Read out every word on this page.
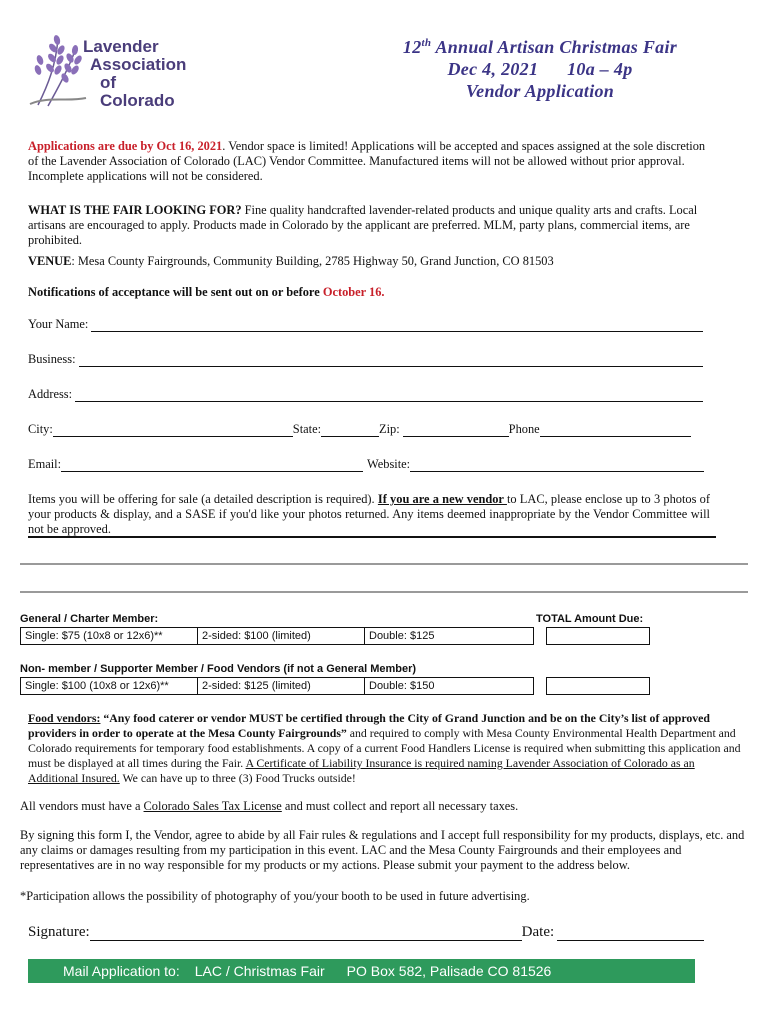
Lavender
Association
of Colorado
12th Annual Artisan Christmas Fair
Dec 4, 2021 10a – 4p
Vendor Application
Applications are due by Oct 16, 2021. Vendor space is limited! Applications will be accepted and spaces assigned at the sole discretion of the Lavender Association of Colorado (LAC) Vendor Committee. Manufactured items will not be allowed without prior approval. Incomplete applications will not be considered.
WHAT IS THE FAIR LOOKING FOR? Fine quality handcrafted lavender-related products and unique quality arts and crafts. Local artisans are encouraged to apply. Products made in Colorado by the applicant are preferred. MLM, party plans, commercial items, are prohibited.
VENUE: Mesa County Fairgrounds, Community Building, 2785 Highway 50, Grand Junction, CO 81503
Notifications of acceptance will be sent out on or before October 16.
Your Name:
Business:
Address:
City:	State:	Zip:	Phone
Email:	Website:
Items you will be offering for sale (a detailed description is required). If you are a new vendor to LAC, please enclose up to 3 photos of your products & display, and a SASE if you'd like your photos returned. Any items deemed inappropriate by the Vendor Committee will not be approved.
General / Charter Member:	TOTAL Amount Due:
Single: $75 (10x8 or 12x6)**	2-sided: $100 (limited)	Double: $125		
Non- member / Supporter Member / Food Vendors (if not a General Member)
Single: $100 (10x8 or 12x6)**	2-sided: $125 (limited)	Double: $150		
Food vendors: “Any food caterer or vendor MUST be certified through the City of Grand Junction and be on the City’s list of approved providers in order to operate at the Mesa County Fairgrounds” and required to comply with Mesa County Environmental Health Department and Colorado requirements for temporary food establishments. A copy of a current Food Handlers License is required when submitting this application and must be displayed at all times during the Fair. A Certificate of Liability Insurance is required naming Lavender Association of Colorado as an Additional Insured. We can have up to three (3) Food Trucks outside!
All vendors must have a Colorado Sales Tax License and must collect and report all necessary taxes.
By signing this form I, the Vendor, agree to abide by all Fair rules & regulations and I accept full responsibility for my products, displays, etc. and any claims or damages resulting from my participation in this event. LAC and the Mesa County Fairgrounds and their employees and representatives are in no way responsible for my products or my actions. Please submit your payment to the address below.
*Participation allows the possibility of photography of you/your booth to be used in future advertising.
Signature:	Date:
Mail Application to: LAC / Christmas Fair PO Box 582, Palisade CO 81526
